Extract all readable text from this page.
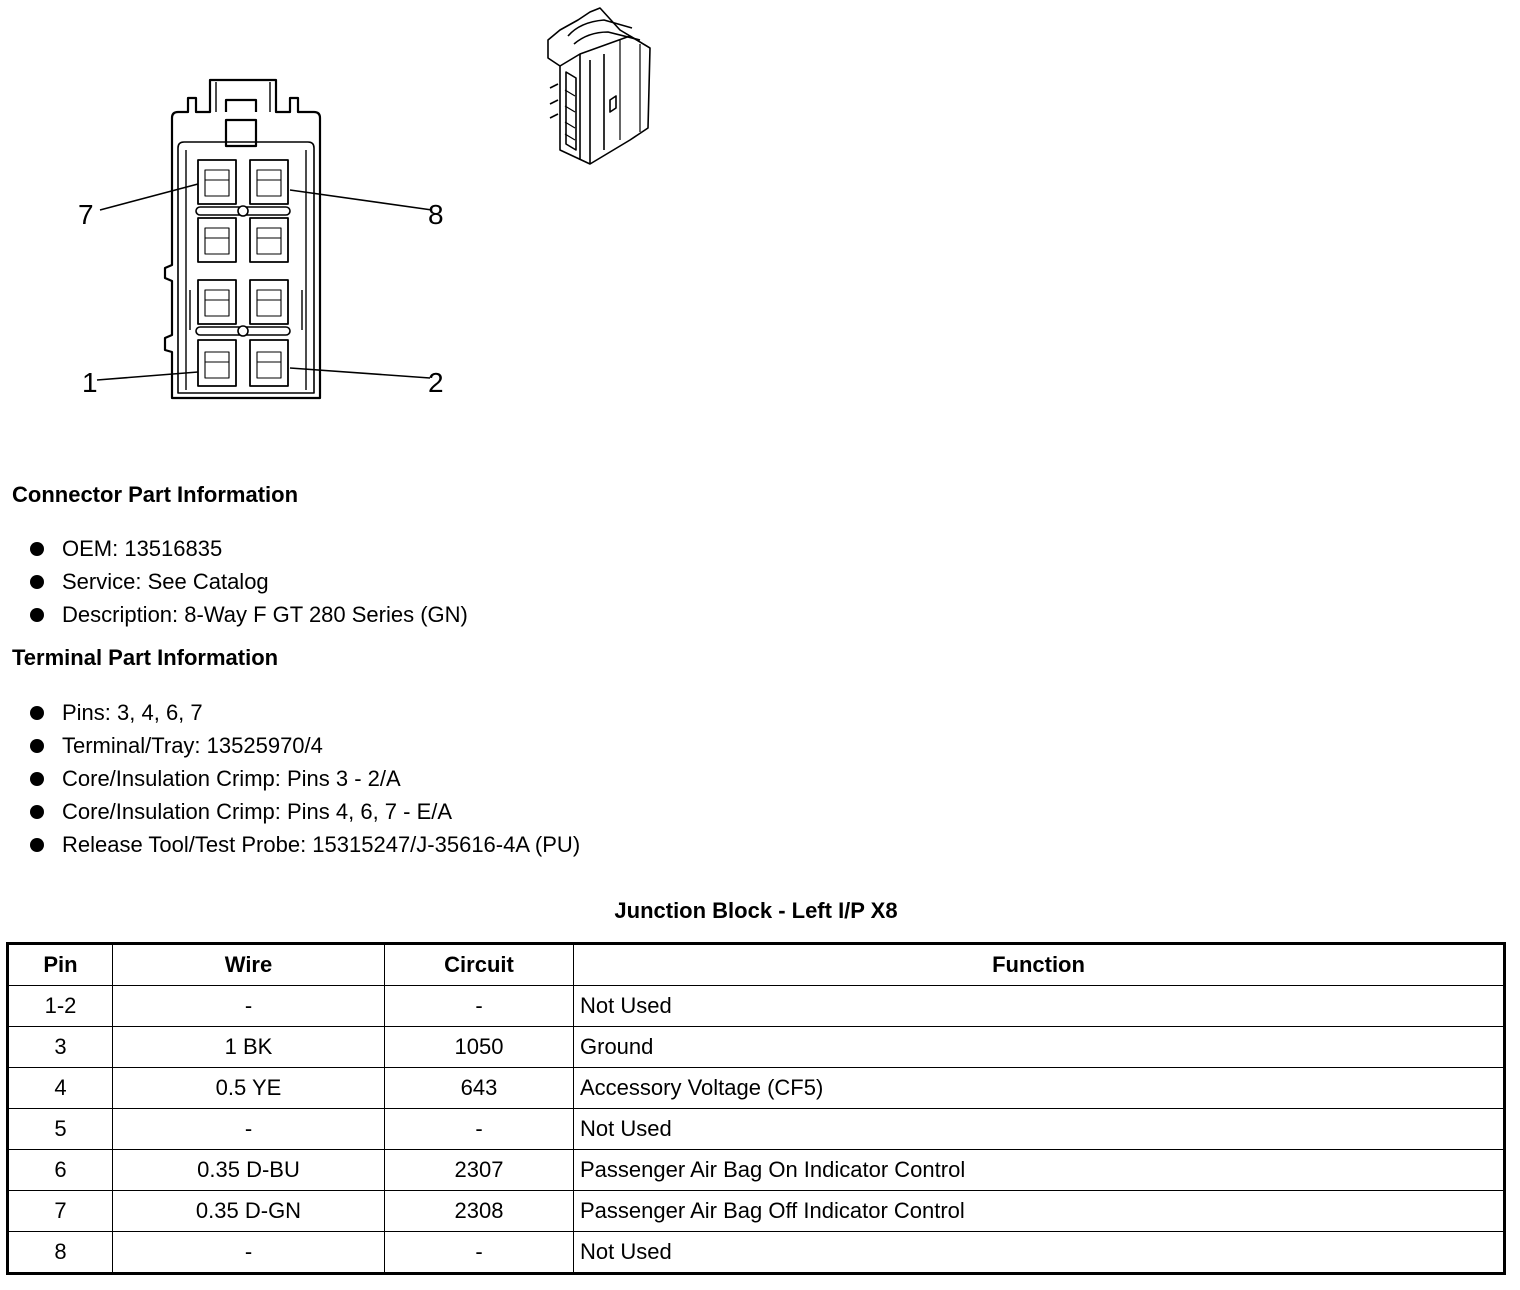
7	8
1	2
Connector Part Information
OEM: 13516835
Service: See Catalog
Description: 8-Way F GT 280 Series (GN)
Terminal Part Information
Pins: 3, 4, 6, 7
Terminal/Tray: 13525970/4
Core/Insulation Crimp: Pins 3 - 2/A
Core/Insulation Crimp: Pins 4, 6, 7 - E/A
Release Tool/Test Probe: 15315247/J-35616-4A (PU)
Junction Block - Left I/P X8
Pin	Wire	Circuit	Function
1-2	-	-	Not Used
3	1 BK	1050	Ground
4	0.5 YE	643	Accessory Voltage (CF5)
5	-	-	Not Used
6	0.35 D-BU	2307	Passenger Air Bag On Indicator Control
7	0.35 D-GN	2308	Passenger Air Bag Off Indicator Control
8	-	-	Not Used
